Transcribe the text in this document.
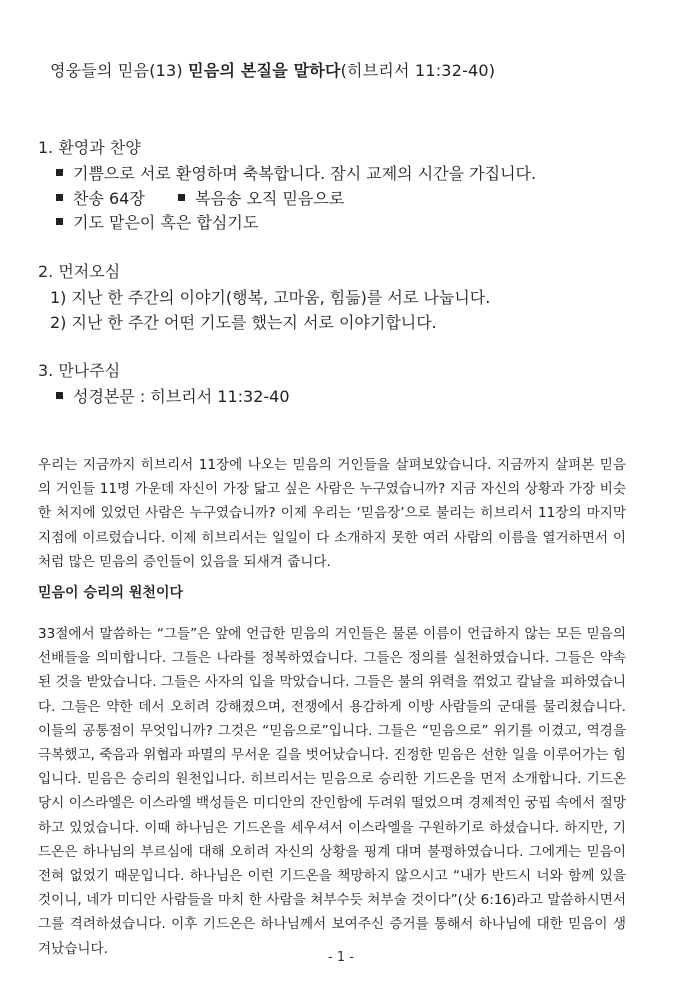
영웅들의 믿음(13) 믿음의 본질을 말하다(히브리서 11:32-40)
1. 환영과 찬양
기쁨으로 서로 환영하며 축복합니다. 잠시 교제의 시간을 가집니다.
찬송 64장	복음송 오직 믿음으로
기도 맡은이 혹은 합심기도
2. 먼저오심
1) 지난 한 주간의 이야기(행복, 고마움, 힘듦)를 서로 나눕니다.
2) 지난 한 주간 어떤 기도를 했는지 서로 이야기합니다.
3. 만나주심
성경본문 : 히브리서 11:32-40
우리는 지금까지 히브리서 11장에 나오는 믿음의 거인들을 살펴보았습니다. 지금까지 살펴본 믿음의 거인들 11명 가운데 자신이 가장 닮고 싶은 사람은 누구였습니까? 지금 자신의 상황과 가장 비슷한 처지에 있었던 사람은 누구였습니까? 이제 우리는 ‘믿음장’으로 불리는 히브리서 11장의 마지막 지점에 이르렀습니다. 이제 히브리서는 일일이 다 소개하지 못한 여러 사람의 이름을 열거하면서 이처럼 많은 믿음의 증인들이 있음을 되새겨 줍니다.
믿음이 승리의 원천이다
33절에서 말씀하는 “그들”은 앞에 언급한 믿음의 거인들은 물론 이름이 언급하지 않는 모든 믿음의 선배들을 의미합니다. 그들은 나라를 정복하였습니다. 그들은 정의를 실천하였습니다. 그들은 약속된 것을 받았습니다. 그들은 사자의 입을 막았습니다. 그들은 불의 위력을 꺾었고 칼날을 피하였습니다. 그들은 약한 데서 오히려 강해졌으며, 전쟁에서 용감하게 이방 사람들의 군대를 물리쳤습니다. 이들의 공통점이 무엇입니까? 그것은 “믿음으로”입니다. 그들은 “믿음으로” 위기를 이겼고, 역경을 극복했고, 죽음과 위협과 파멸의 무서운 길을 벗어났습니다. 진정한 믿음은 선한 일을 이루어가는 힘입니다. 믿음은 승리의 원천입니다. 히브리서는 믿음으로 승리한 기드온을 먼저 소개합니다. 기드온 당시 이스라엘은 이스라엘 백성들은 미디안의 잔인함에 두려워 떨었으며 경제적인 궁핍 속에서 절망하고 있었습니다. 이때 하나님은 기드온을 세우셔서 이스라엘을 구원하기로 하셨습니다. 하지만, 기드온은 하나님의 부르심에 대해 오히려 자신의 상황을 핑계 대며 불평하였습니다. 그에게는 믿음이 전혀 없었기 때문입니다. 하나님은 이런 기드온을 책망하지 않으시고 “내가 반드시 너와 함께 있을 것이니, 네가 미디안 사람들을 마치 한 사람을 쳐부수듯 쳐부술 것이다”(삿 6:16)라고 말씀하시면서 그를 격려하셨습니다. 이후 기드온은 하나님께서 보여주신 증거를 통해서 하나님에 대한 믿음이 생겨났습니다.
- 1 -
